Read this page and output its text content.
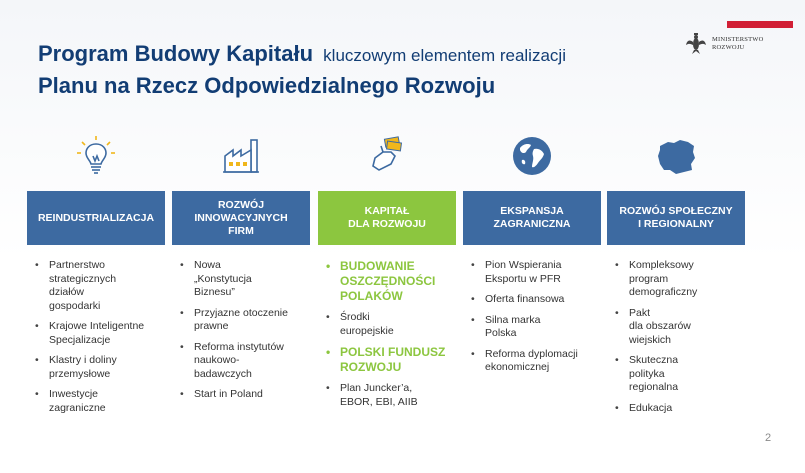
MINISTERSTWO
ROZWOJU
Program Budowy Kapitału kluczowym elementem realizacji
Planu na Rzecz Odpowiedzialnego Rozwoju
REINDUSTRIALIZACJA
• Partnerstwo
strategicznych
działów
gospodarki
• Krajowe Inteligentne
Specjalizacje
• Klastry i doliny
przemysłowe
• Inwestycje
zagraniczne
ROZWÓJ
INNOWACYJNYCH
FIRM
• Nowa
„Konstytucja
Biznesu”
• Przyjazne otoczenie
prawne
• Reforma instytutów
naukowo-
badawczych
• Start in Poland
KAPITAŁ
DLA ROZWOJU
• BUDOWANIE
OSZCZĘDNOŚCI
POLAKÓW
• Środki
europejskie
• POLSKI FUNDUSZ
ROZWOJU
• Plan Juncker’a,
EBOR, EBI, AIIB
EKSPANSJA
ZAGRANICZNA
• Pion Wspierania
Eksportu w PFR
• Oferta finansowa
• Silna marka
Polska
• Reforma dyplomacji
ekonomicznej
ROZWÓJ SPOŁECZNY
I REGIONALNY
• Kompleksowy
program
demograficzny
• Pakt
dla obszarów
wiejskich
• Skuteczna
polityka
regionalna
• Edukacja
2
